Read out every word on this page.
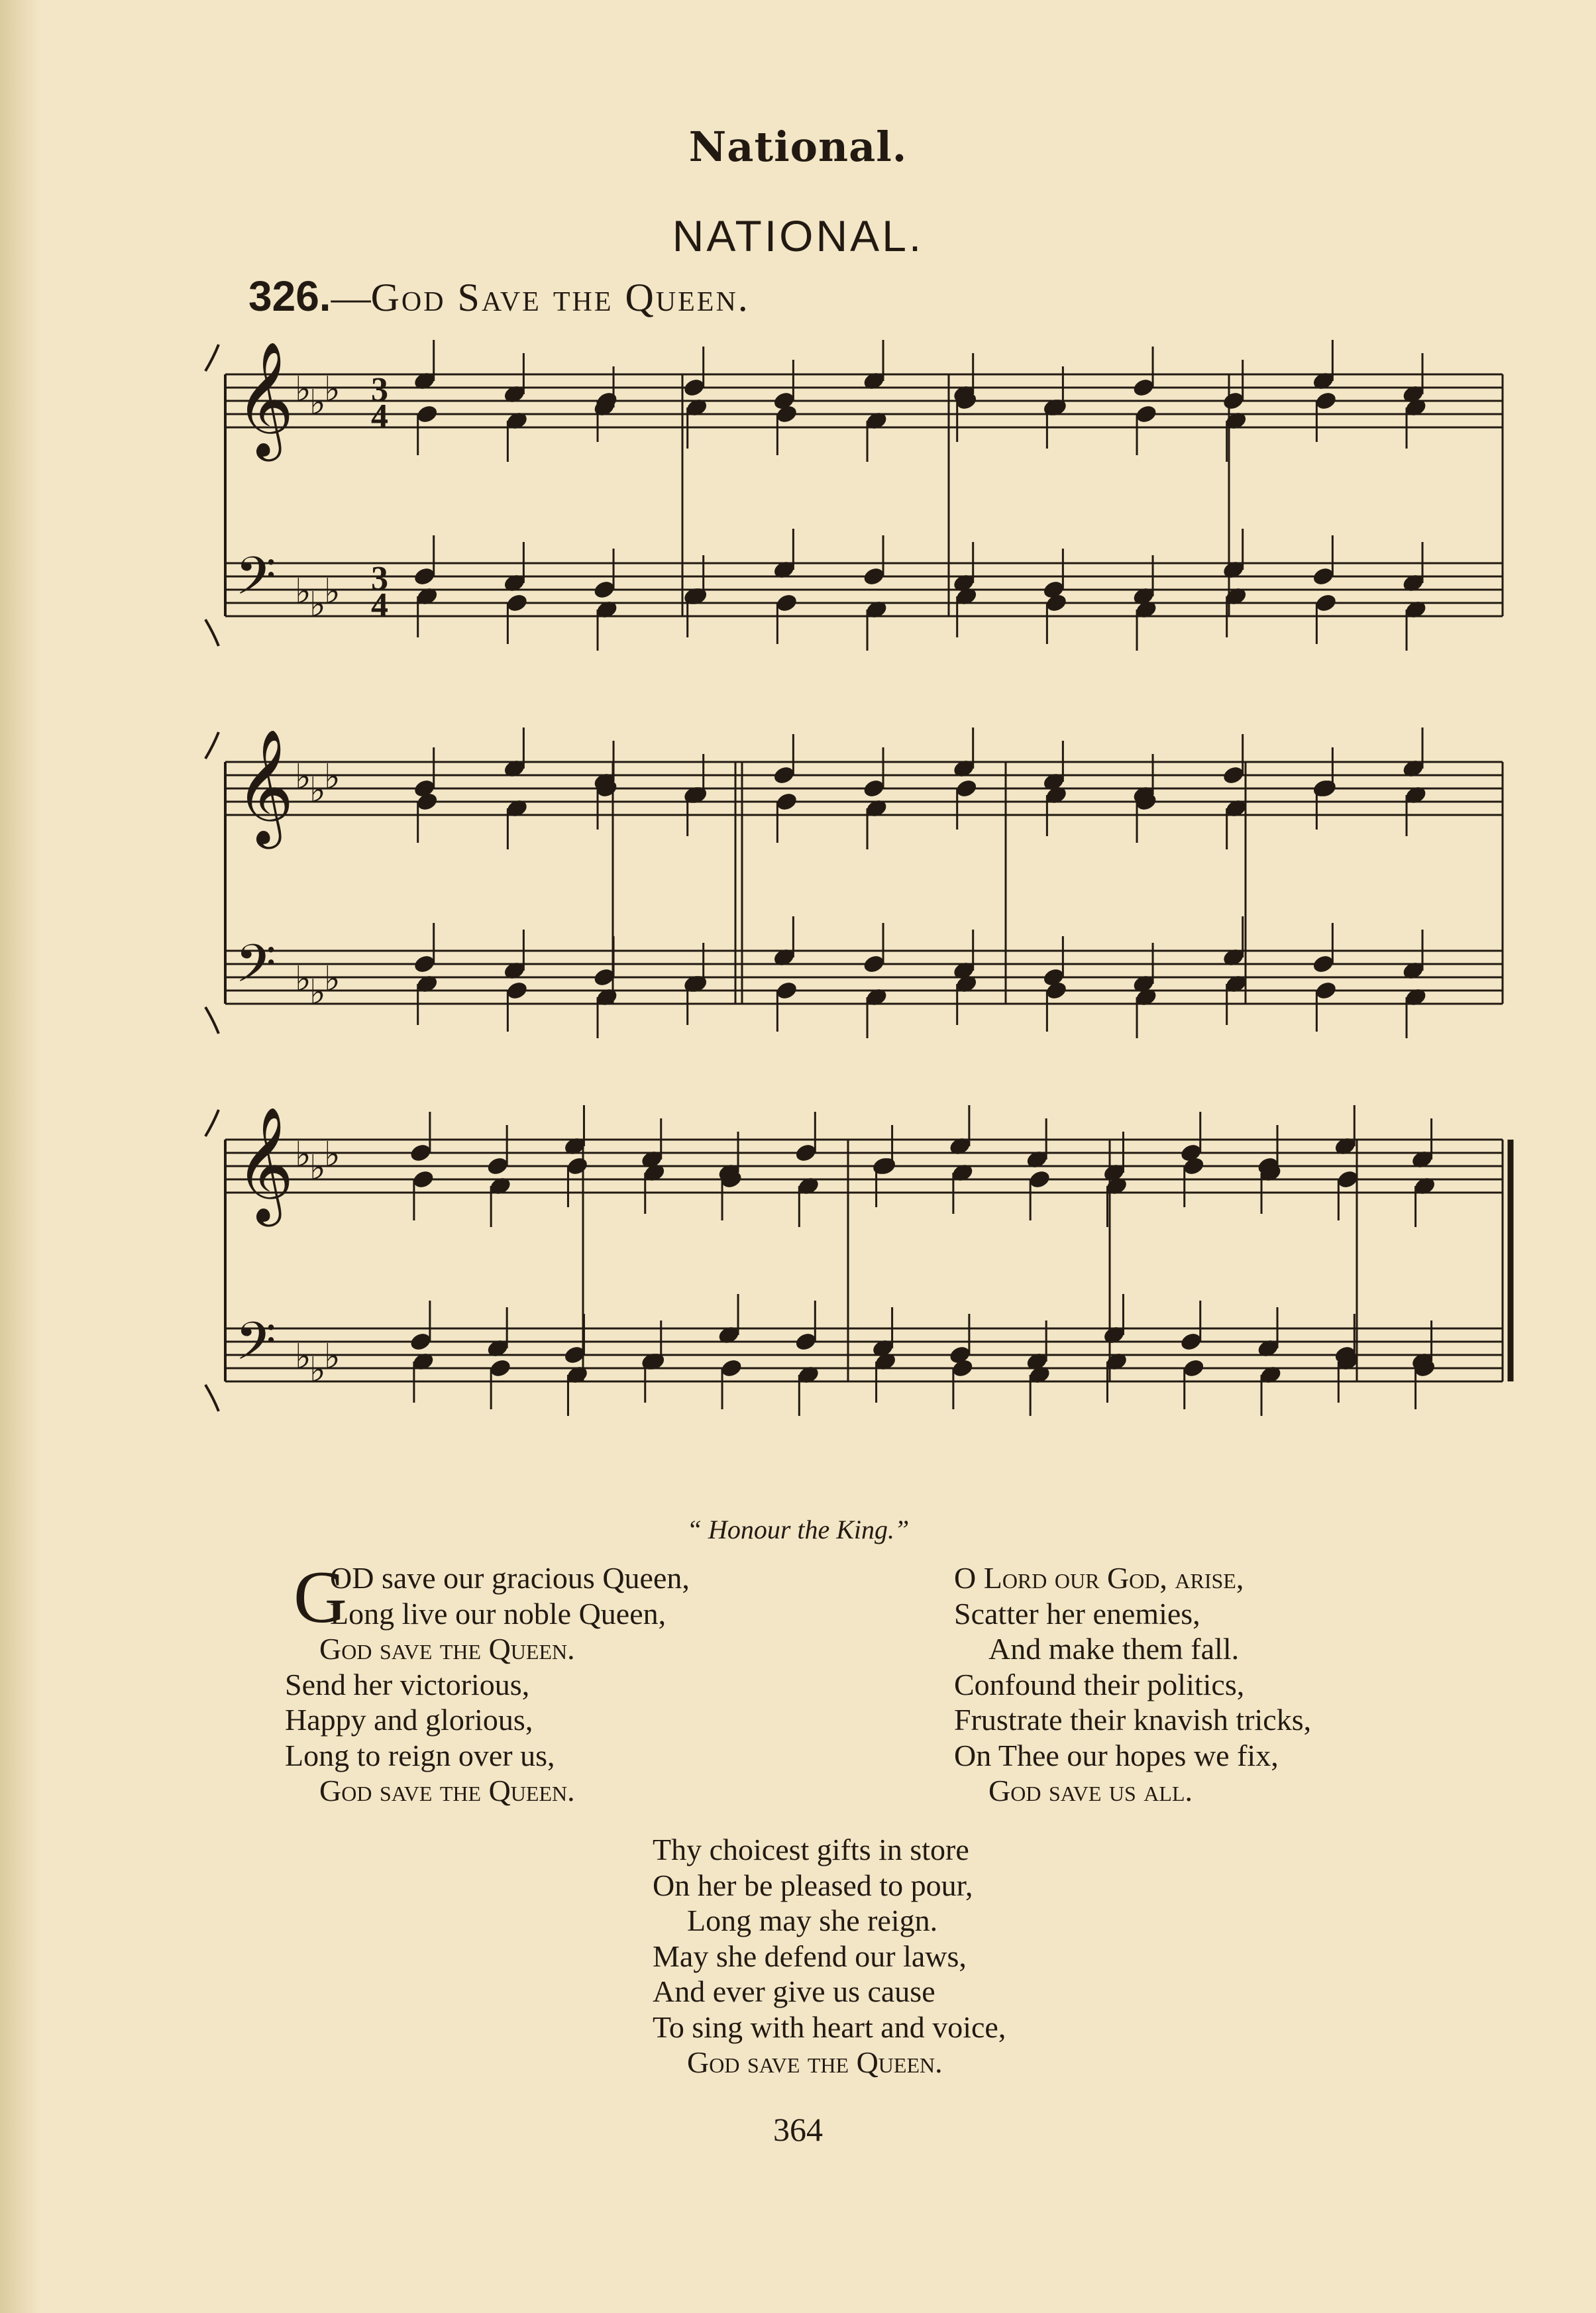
National.
NATIONAL.
326.—God Save the Queen.
𝄞 ♭
♭
♭ 3
4
𝄢 ♭
♭
♭ 3
4
𝄞 ♭
♭
♭
𝄢 ♭
♭
♭
𝄞 ♭
♭
♭
𝄢 ♭
♭
♭
“ Honour the King.”
G
OD save our gracious Queen,
Long live our noble Queen,
God save the Queen.
Send her victorious,
Happy and glorious,
Long to reign over us,
God save the Queen.
O Lord our God, arise,
Scatter her enemies,
And make them fall.
Confound their politics,
Frustrate their knavish tricks,
On Thee our hopes we fix,
God save us all.
Thy choicest gifts in store
On her be pleased to pour,
Long may she reign.
May she defend our laws,
And ever give us cause
To sing with heart and voice,
God save the Queen.
364
